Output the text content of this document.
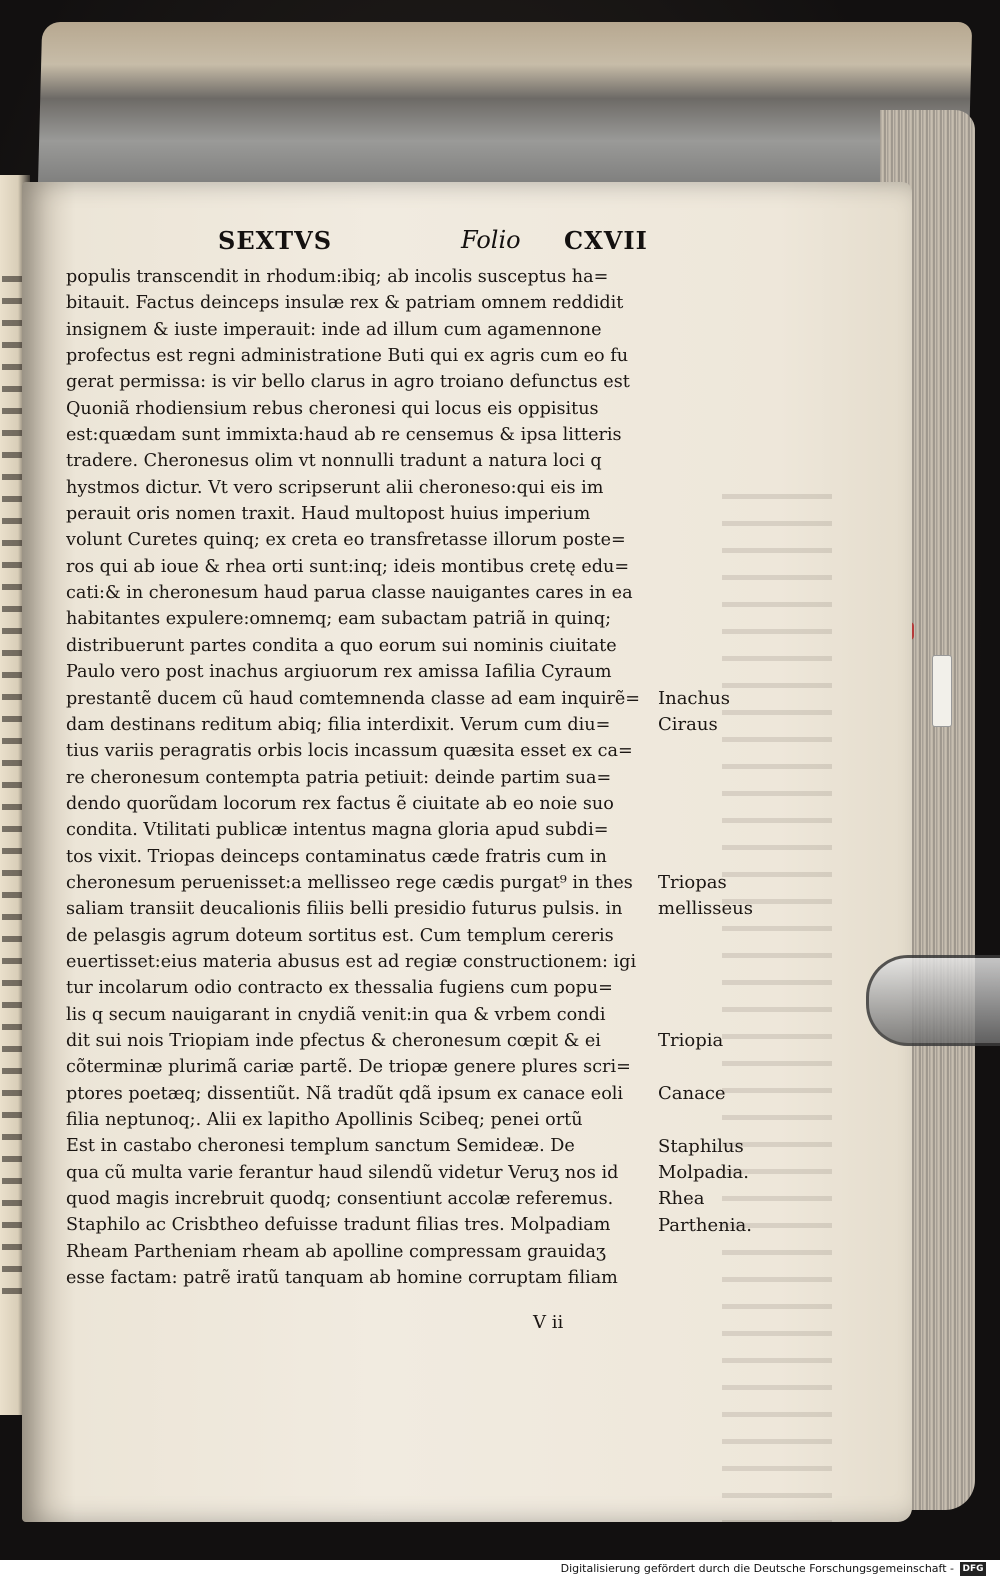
SEXTVS	Folio CXVII
populis transcendit in rhodum:ibiq; ab incolis susceptus ha=
bitauit. Factus deinceps insulæ rex & patriam omnem reddidit
insignem & iuste imperauit: inde ad illum cum agamennone
profectus est regni administratione Buti qui ex agris cum eo fu
gerat permissa: is vir bello clarus in agro troiano defunctus est
Quoniã rhodiensium rebus cheronesi qui locus eis oppisitus
est:quædam sunt immixta:haud ab re censemus & ipsa litteris
tradere. Cheronesus olim vt nonnulli tradunt a natura loci q
hystmos dictur. Vt vero scripserunt alii cheroneso:qui eis im
perauit oris nomen traxit. Haud multopost huius imperium
volunt Curetes quinq; ex creta eo transfretasse illorum poste=
ros qui ab ioue & rhea orti sunt:inq; ideis montibus cretę edu=
cati:& in cheronesum haud parua classe nauigantes cares in ea
habitantes expulere:omnemq; eam subactam patriã in quinq;
distribuerunt partes condita a quo eorum sui nominis ciuitate
Paulo vero post inachus argiuorum rex amissa Iafilia Cyraum
prestantẽ ducem cũ haud comtemnenda classe ad eam inquirẽ=
dam destinans reditum abiq; filia interdixit. Verum cum diu=
tius variis peragratis orbis locis incassum quæsita esset ex ca=
re cheronesum contempta patria petiuit: deinde partim sua=
dendo quorũdam locorum rex factus ẽ ciuitate ab eo noie suo
condita. Vtilitati publicæ intentus magna gloria apud subdi=
tos vixit. Triopas deinceps contaminatus cæde fratris cum in
cheronesum peruenisset:a mellisseo rege cædis purgat⁹ in thes
saliam transiit deucalionis filiis belli presidio futurus pulsis. in
de pelasgis agrum doteum sortitus est. Cum templum cereris
euertisset:eius materia abusus est ad regiæ constructionem: igi
tur incolarum odio contracto ex thessalia fugiens cum popu=
lis q secum nauigarant in cnydiã venit:in qua & vrbem condi
dit sui nois Triopiam inde pfectus & cheronesum cœpit & ei
cõterminæ plurimã cariæ partẽ. De triopæ genere plures scri=
ptores poetæq; dissentiũt. Nã tradũt qdã ipsum ex canace eoli
filia neptunoq;. Alii ex lapitho Apollinis Scibeq; penei ortũ
Est in castabo cheronesi templum sanctum Semideæ. De
qua cũ multa varie ferantur haud silendũ videtur Veruʒ nos id
quod magis increbruit quodq; consentiunt accolæ referemus.
Staphilo ac Crisbtheo defuisse tradunt filias tres. Molpadiam
Rheam Partheniam rheam ab apolline compressam grauidaʒ
esse factam: patrẽ iratũ tanquam ab homine corruptam filiam
Inachus
Ciraus
Triopas
mellisseus
Triopia
Canace
Staphilus
Molpadia.
Rhea
Parthenia.
V ii
Digitalisierung gefördert durch die Deutsche Forschungsgemeinschaft - DFG
